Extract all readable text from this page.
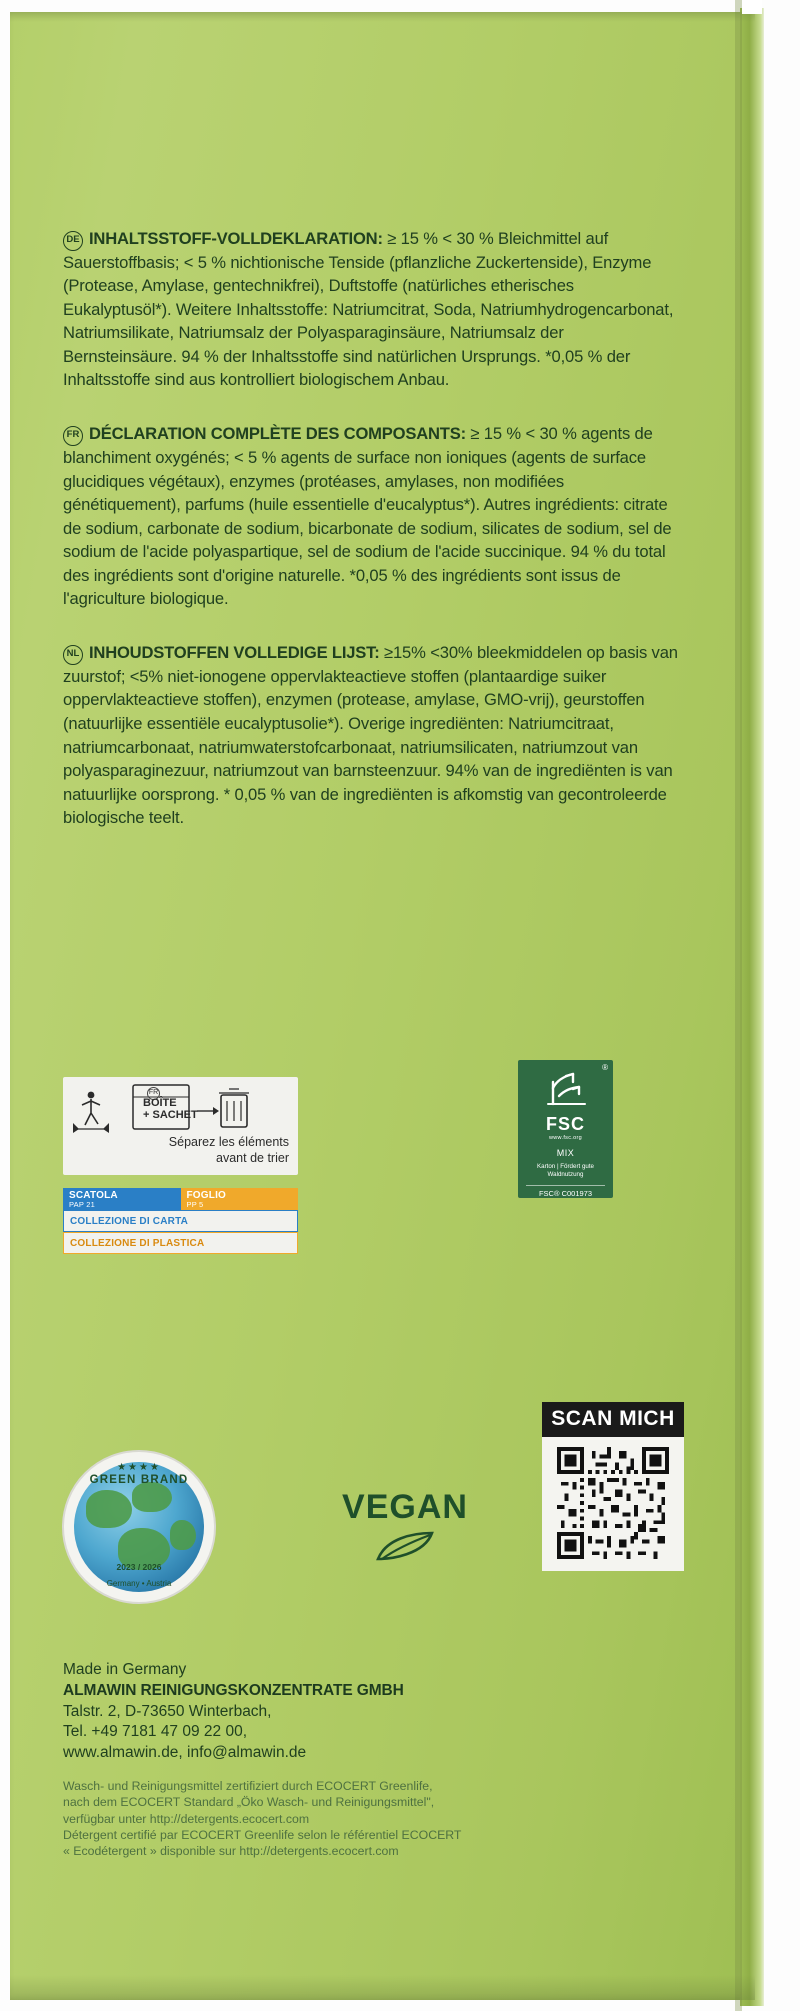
DE INHALTSSTOFF-VOLLDEKLARATION: ≥ 15 % < 30 % Bleichmittel auf Sauerstoffbasis; < 5 % nichtionische Tenside (pflanzliche Zuckertenside), Enzyme (Protease, Amylase, gentechnikfrei), Duftstoffe (natürliches etherisches Eukalyptusöl*). Weitere Inhaltsstoffe: Natriumcitrat, Soda, Natriumhydrogencarbonat, Natriumsilikate, Natriumsalz der Polyasparaginsäure, Natriumsalz der Bernsteinsäure. 94 % der Inhaltsstoffe sind natürlichen Ursprungs. *0,05 % der Inhaltsstoffe sind aus kontrolliert biologischem Anbau.

FR DÉCLARATION COMPLÈTE DES COMPOSANTS: ≥ 15 % < 30 % agents de blanchiment oxygénés; < 5 % agents de surface non ioniques (agents de surface glucidiques végétaux), enzymes (protéases, amylases, non modifiées génétiquement), parfums (huile essentielle d'eucalyptus*). Autres ingrédients: citrate de sodium, carbonate de sodium, bicarbonate de sodium, silicates de sodium, sel de sodium de l'acide polyaspartique, sel de sodium de l'acide succinique. 94 % du total des ingrédients sont d'origine naturelle. *0,05 % des ingrédients sont issus de l'agriculture biologique.

NL INHOUDSTOFFEN VOLLEDIGE LIJST: ≥15% <30% bleekmiddelen op basis van zuurstof; <5% niet-ionogene oppervlakteactieve stoffen (plantaardige suiker oppervlakteactieve stoffen), enzymen (protease, amylase, GMO-vrij), geurstoffen (natuurlijke essentiële eucalyptusolie*). Overige ingrediënten: Natriumcitraat, natriumcarbonaat, natriumwaterstofcarbonaat, natriumsilicaten, natriumzout van polyasparaginezuur, natriumzout van barnsteenzuur. 94% van de ingrediënten is van natuurlijke oorsprong. * 0,05 % van de ingrediënten is afkomstig van gecontroleerde biologische teelt.

FR
BOÎTE
+ SACHET
Séparez les éléments
avant de trier
SCATOLA
PAP 21
FOGLIO
PP 5
COLLEZIONE DI CARTA
COLLEZIONE DI PLASTICA
®
FSC
www.fsc.org
MIX
Karton | Fördert gute Waldnutzung
FSC® C001973
★★★★
GREEN BRAND
2023 / 2026
Germany • Austria
VEGAN
SCAN MICH
Made in Germany
ALMAWIN REINIGUNGSKONZENTRATE GMBH
Talstr. 2, D-73650 Winterbach,
Tel. +49 7181 47 09 22 00,
www.almawin.de, info@almawin.de
Wasch- und Reinigungsmittel zertifiziert durch ECOCERT Greenlife,
nach dem ECOCERT Standard „Öko Wasch- und Reinigungsmittel",
verfügbar unter http://detergents.ecocert.com
Détergent certifié par ECOCERT Greenlife selon le référentiel ECOCERT
« Ecodétergent » disponible sur http://detergents.ecocert.com
